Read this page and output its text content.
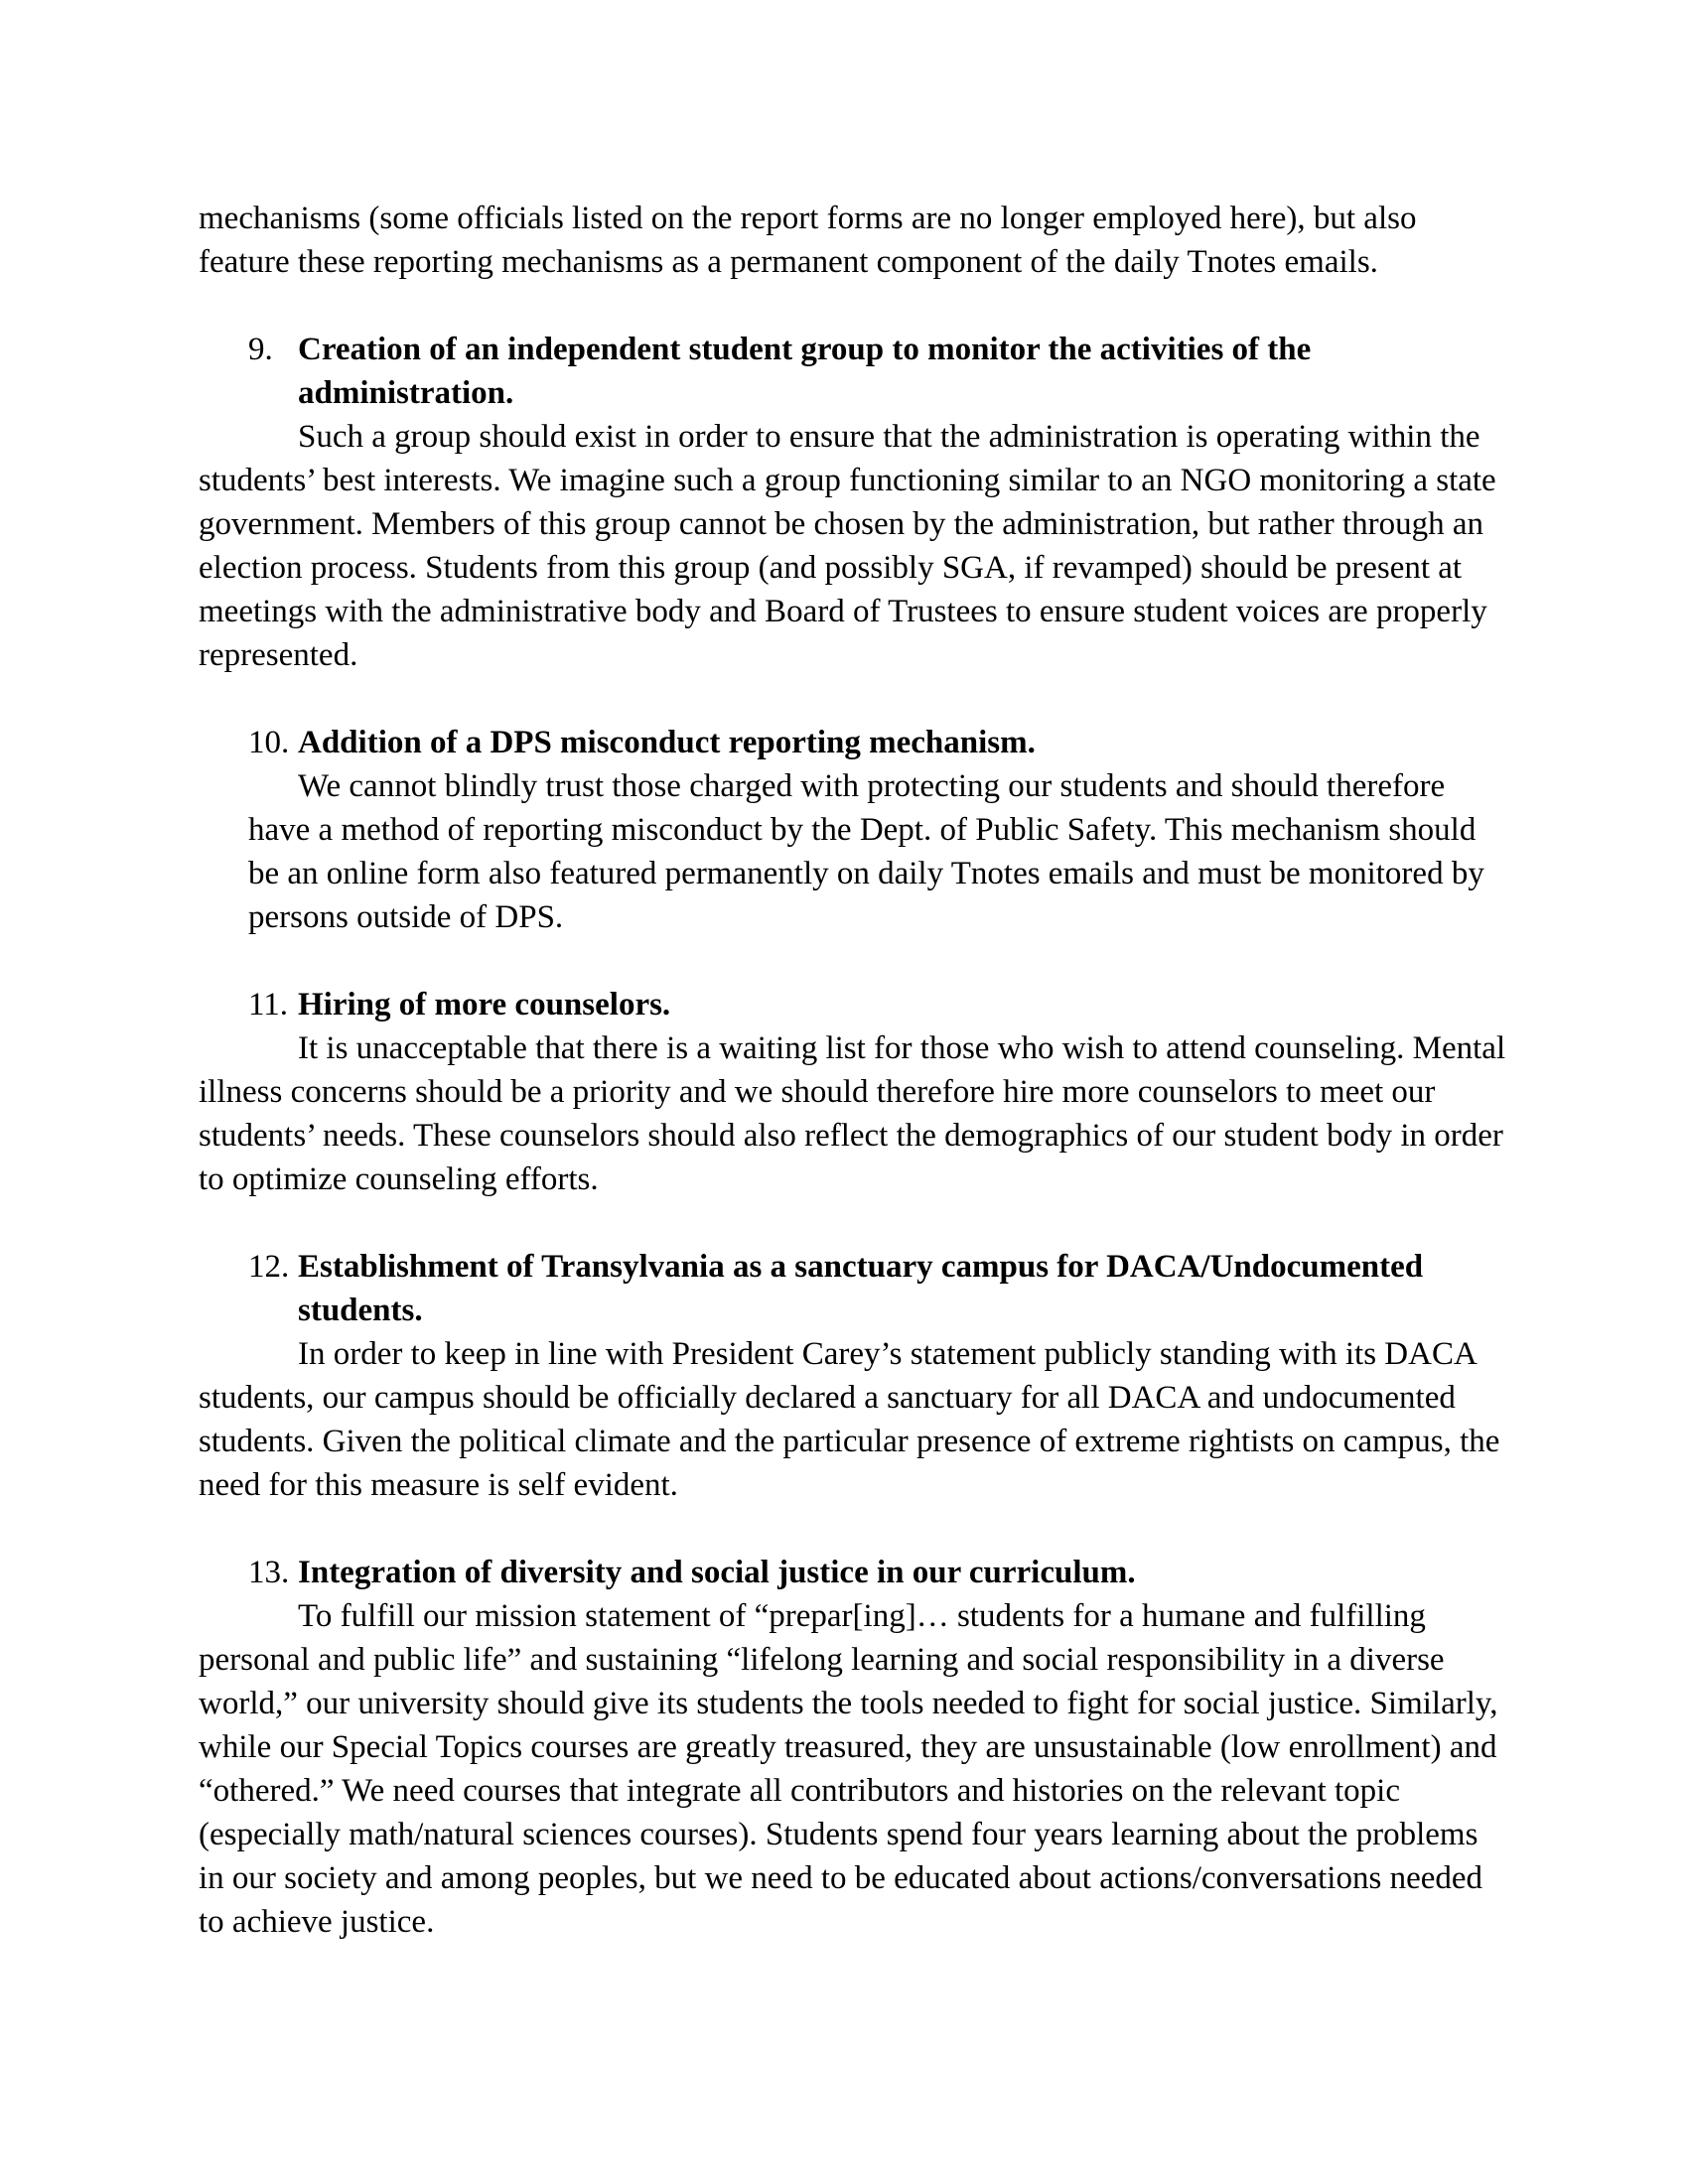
mechanisms (some officials listed on the report forms are no longer employed here), but also feature these reporting mechanisms as a permanent component of the daily Tnotes emails.

9. Creation of an independent student group to monitor the activities of the administration.

Such a group should exist in order to ensure that the administration is operating within the students’ best interests. We imagine such a group functioning similar to an NGO monitoring a state government. Members of this group cannot be chosen by the administration, but rather through an election process. Students from this group (and possibly SGA, if revamped) should be present at meetings with the administrative body and Board of Trustees to ensure student voices are properly represented.

10. Addition of a DPS misconduct reporting mechanism.

We cannot blindly trust those charged with protecting our students and should therefore have a method of reporting misconduct by the Dept. of Public Safety. This mechanism should be an online form also featured permanently on daily Tnotes emails and must be monitored by persons outside of DPS.

11. Hiring of more counselors.

It is unacceptable that there is a waiting list for those who wish to attend counseling. Mental illness concerns should be a priority and we should therefore hire more counselors to meet our students’ needs. These counselors should also reflect the demographics of our student body in order to optimize counseling efforts.

12. Establishment of Transylvania as a sanctuary campus for DACA/Undocumented students.

In order to keep in line with President Carey’s statement publicly standing with its DACA students, our campus should be officially declared a sanctuary for all DACA and undocumented students. Given the political climate and the particular presence of extreme rightists on campus, the need for this measure is self evident.

13. Integration of diversity and social justice in our curriculum.

To fulfill our mission statement of “prepar[ing]… students for a humane and fulfilling personal and public life” and sustaining “lifelong learning and social responsibility in a diverse world,” our university should give its students the tools needed to fight for social justice. Similarly, while our Special Topics courses are greatly treasured, they are unsustainable (low enrollment) and “othered.” We need courses that integrate all contributors and histories on the relevant topic (especially math/natural sciences courses). Students spend four years learning about the problems in our society and among peoples, but we need to be educated about actions/conversations needed to achieve justice.
